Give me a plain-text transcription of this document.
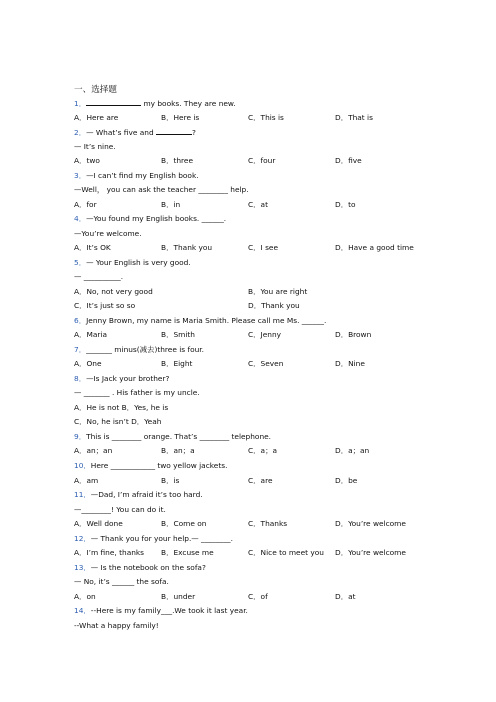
一、选择题
1．	my books. They are new.
A．Here are	B．Here is	C．This is	D．That is
2．— What’s five and	?
— It’s nine.
A．two	B．three	C．four	D．five
3．—I can’t find my English book.
—Well， you can ask the teacher ________ help.
A．for	B．in	C．at	D．to
4．—You found my English books. ______.
—You’re welcome.
A．It’s OK	B．Thank you	C．I see	D．Have a good time
5．— Your English is very good.
— __________.
A．No, not very good	B．You are right
C．It’s just so so	D．Thank you
6．Jenny Brown, my name is Maria Smith. Please call me Ms. ______.
A．Maria	B．Smith	C．Jenny	D．Brown
7．_______ minus(减去)three is four.
A．One	B．Eight	C．Seven	D．Nine
8．—Is Jack your brother?
— _______ . His father is my uncle.
A．He is not B．Yes, he is
C．No, he isn’t D．Yeah
9．This is ________ orange. That’s ________ telephone.
A．an；an	B．an；a	C．a；a	D．a；an
10．Here ____________ two yellow jackets.
A．am	B．is	C．are	D．be
11．—Dad, I’m afraid it’s too hard.
—________! You can do it.
A．Well done	B．Come on	C．Thanks	D．You’re welcome
12．— Thank you for your help.— ________.
A．I’m fine, thanks B．Excuse me	C．Nice to meet you D．You’re welcome
13．— Is the notebook on the sofa?
— No, it’s ______ the sofa.
A．on	B．under	C．of	D．at
14．--Here is my family___.We took it last year.
--What a happy family!
